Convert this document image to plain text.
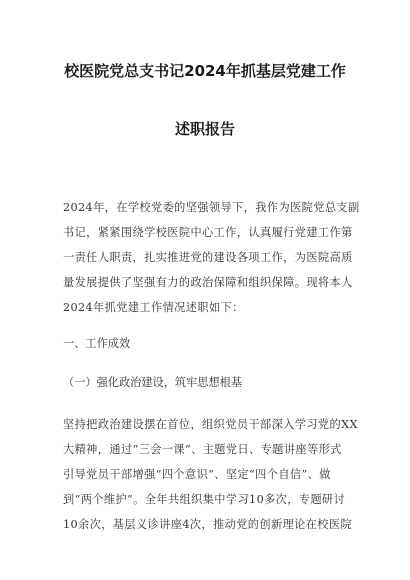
校医院党总支书记2024年抓基层党建工作
述职报告
2024年，在学校党委的坚强领导下，我作为医院党总支副
书记，紧紧围绕学校医院中心工作，认真履行党建工作第
一责任人职责，扎实推进党的建设各项工作，为医院高质
量发展提供了坚强有力的政治保障和组织保障。现将本人
2024年抓党建工作情况述职如下：
一、工作成效
（一）强化政治建设，筑牢思想根基
坚持把政治建设摆在首位，组织党员干部深入学习党的XX
大精神，通过“三会一课”、主题党日、专题讲座等形式
引导党员干部增强“四个意识”、坚定“四个自信”、做
到“两个维护”。全年共组织集中学习10多次，专题研讨
10余次，基层义诊讲座4次，推动党的创新理论在校医院
